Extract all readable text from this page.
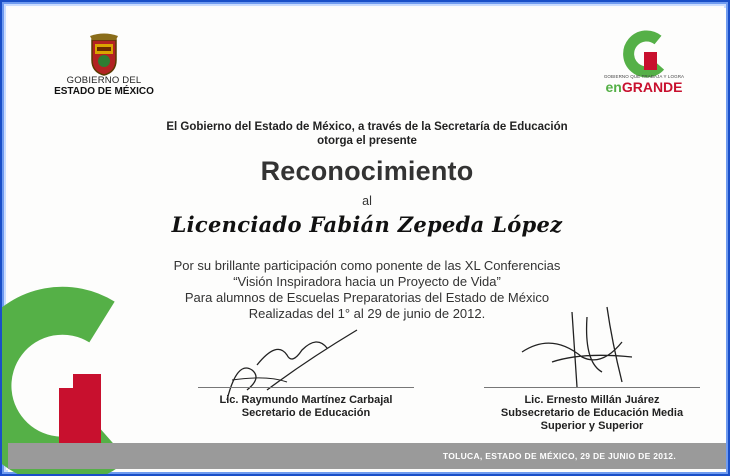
GOBIERNO DEL
ESTADO DE MÉXICO
GOBIERNO QUE TRABAJA Y LOGRA
enGRANDE
El Gobierno del Estado de México, a través de la Secretaría de Educación
otorga el presente
Reconocimiento
al
Licenciado Fabián Zepeda López
Por su brillante participación como ponente de las XL Conferencias
“Visión Inspiradora hacia un Proyecto de Vida”
Para alumnos de Escuelas Preparatorias del Estado de México
Realizadas del 1° al 29 de junio de 2012.
Lic. Raymundo Martínez Carbajal
Secretario de Educación
Lic. Ernesto Millán Juárez
Subsecretario de Educación Media
Superior y Superior
TOLUCA, ESTADO DE MÉXICO, 29 DE JUNIO DE 2012.
